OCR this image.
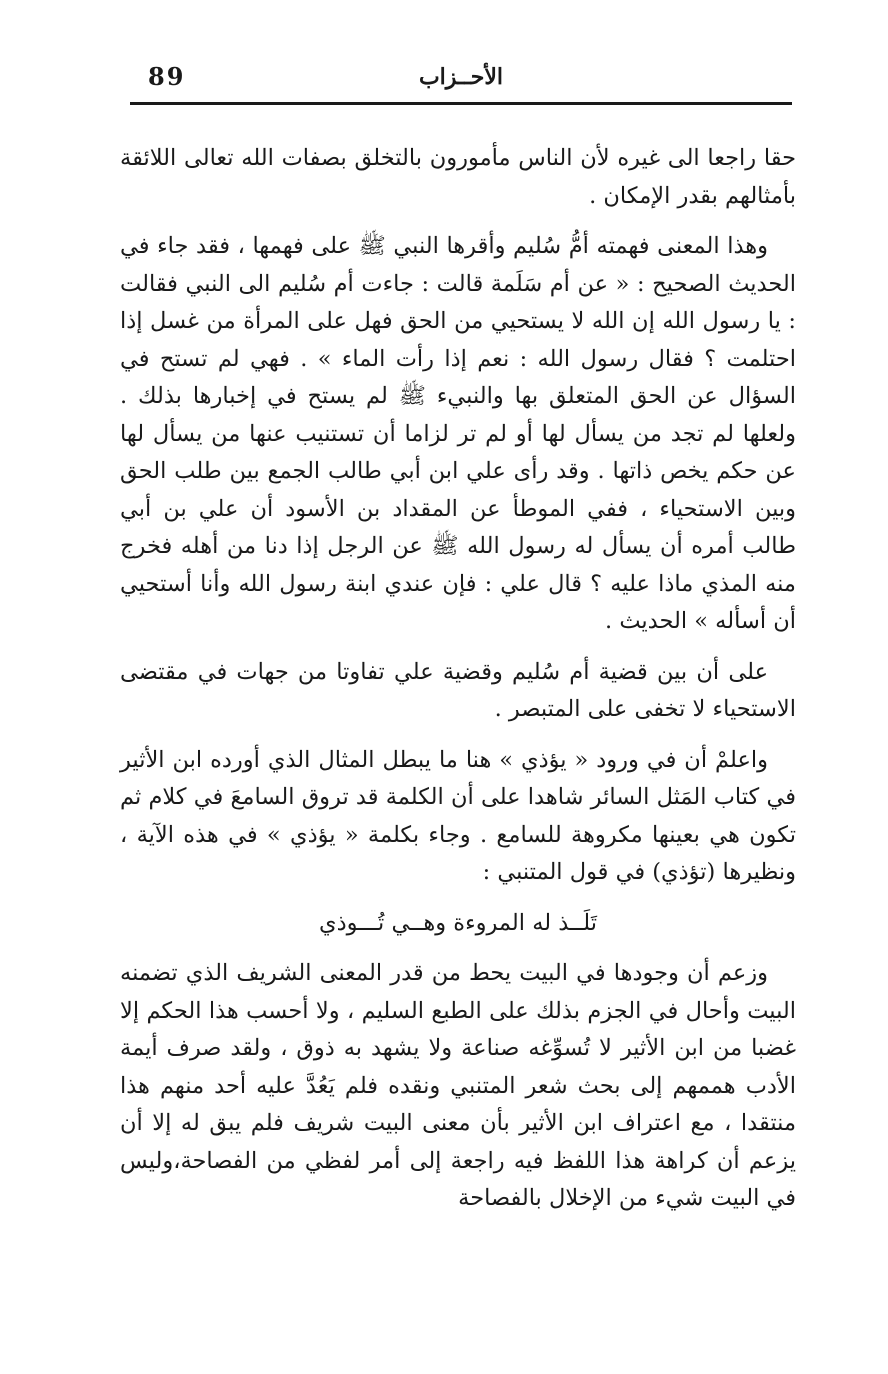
الأحــزاب
89

حقا راجعا الى غيره لأن الناس مأمورون بالتخلق بصفات الله تعالى اللائقة بأمثالهم بقدر الإمكان .

وهذا المعنى فهمته أمُّ سُليم وأقرها النبي ﷺ على فهمها ، فقد جاء في الحديث الصحيح : « عن أم سَلَمة قالت : جاءت أم سُليم الى النبي فقالت : يا رسول الله إن الله لا يستحيي من الحق فهل على المرأة من غسل إذا احتلمت ؟ فقال رسول الله : نعم إذا رأت الماء » . فهي لم تستح في السؤال عن الحق المتعلق بها والنبيء ﷺ لم يستح في إخبارها بذلك . ولعلها لم تجد من يسأل لها أو لم تر لزاما أن تستنيب عنها من يسأل لها عن حكم يخص ذاتها . وقد رأى علي ابن أبي طالب الجمع بين طلب الحق وبين الاستحياء ، ففي الموطأ عن المقداد بن الأسود أن علي بن أبي طالب أمره أن يسأل له رسول الله ﷺ عن الرجل إذا دنا من أهله فخرج منه المذي ماذا عليه ؟ قال علي : فإن عندي ابنة رسول الله وأنا أستحيي أن أسأله » الحديث .

على أن بين قضية أم سُليم وقضية علي تفاوتا من جهات في مقتضى الاستحياء لا تخفى على المتبصر .

واعلمْ أن في ورود « يؤذي » هنا ما يبطل المثال الذي أورده ابن الأثير في كتاب المَثل السائر شاهدا على أن الكلمة قد تروق السامعَ في كلام ثم تكون هي بعينها مكروهة للسامع . وجاء بكلمة « يؤذي » في هذه الآية ، ونظيرها (تؤذي) في قول المتنبي :

تَلَــذ له المروءة وهــي تُـــوذي

وزعم أن وجودها في البيت يحط من قدر المعنى الشريف الذي تضمنه البيت وأحال في الجزم بذلك على الطبع السليم ، ولا أحسب هذا الحكم إلا غضبا من ابن الأثير لا تُسوِّغه صناعة ولا يشهد به ذوق ، ولقد صرف أيمة الأدب هممهم إلى بحث شعر المتنبي ونقده فلم يَعُدَّ عليه أحد منهم هذا منتقدا ، مع اعتراف ابن الأثير بأن معنى البيت شريف فلم يبق له إلا أن يزعم أن كراهة هذا اللفظ فيه راجعة إلى أمر لفظي من الفصاحة،وليس في البيت شيء من الإخلال بالفصاحة
